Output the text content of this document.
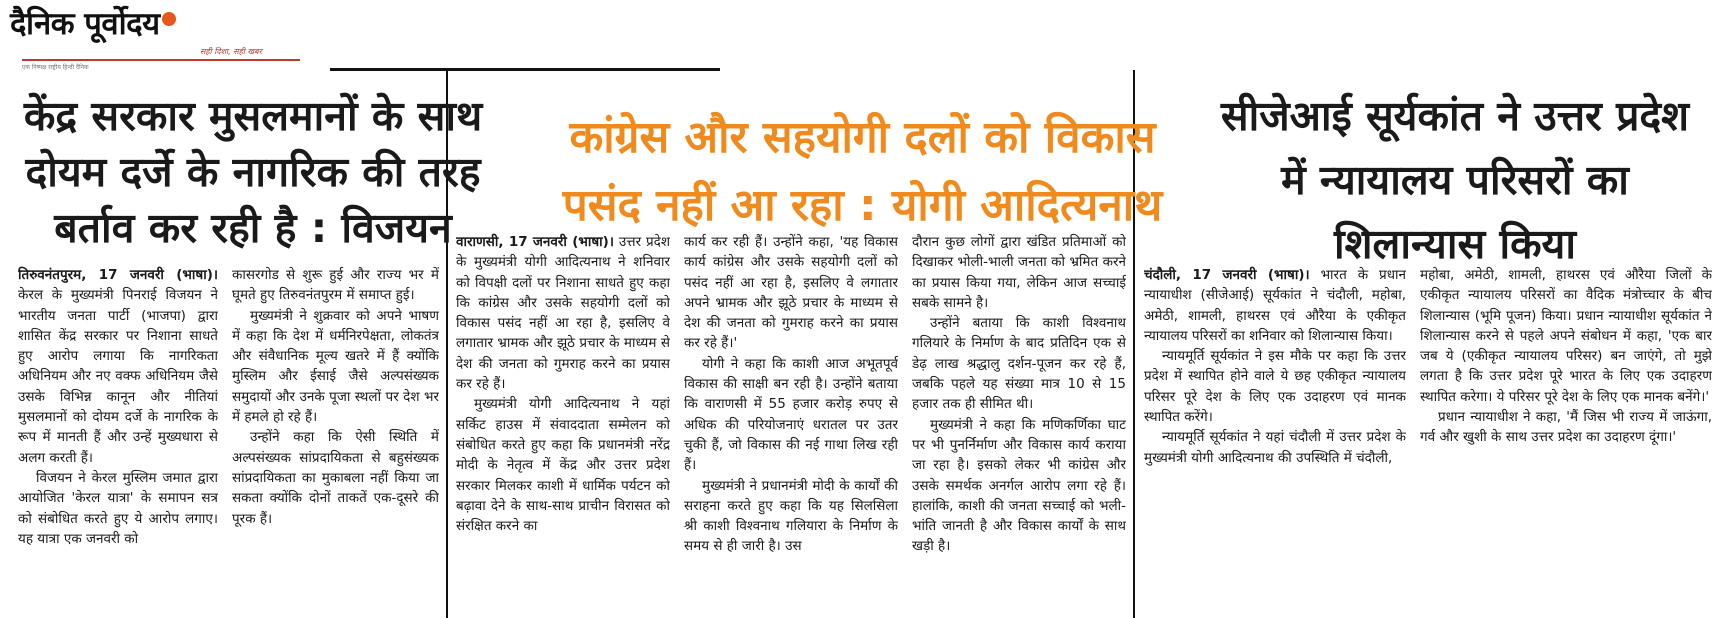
दैनिक पूर्वोदय
सही दिशा, सही खबर
एक निष्पक्ष राष्ट्रीय हिन्दी दैनिक
केंद्र सरकार मुसलमानों के साथ दोयम दर्जे के नागरिक की तरह बर्ताव कर रही है : विजयन

तिरुवनंतपुरम, 17 जनवरी (भाषा)। केरल के मुख्यमंत्री पिनराई विजयन ने भारतीय जनता पार्टी (भाजपा) द्वारा शासित केंद्र सरकार पर निशाना साधते हुए आरोप लगाया कि नागरिकता अधिनियम और नए वक्फ अधिनियम जैसे उसके विभिन्न कानून और नीतियां मुसलमानों को दोयम दर्जे के नागरिक के रूप में मानती हैं और उन्हें मुख्यधारा से अलग करती हैं।

विजयन ने केरल मुस्लिम जमात द्वारा आयोजित 'केरल यात्रा' के समापन सत्र को संबोधित करते हुए ये आरोप लगाए। यह यात्रा एक जनवरी को

कासरगोड से शुरू हुई और राज्य भर में घूमते हुए तिरुवनंतपुरम में समाप्त हुई।

मुख्यमंत्री ने शुक्रवार को अपने भाषण में कहा कि देश में धर्मनिरपेक्षता, लोकतंत्र और संवैधानिक मूल्य खतरे में हैं क्योंकि मुस्लिम और ईसाई जैसे अल्पसंख्यक समुदायों और उनके पूजा स्थलों पर देश भर में हमले हो रहे हैं।

उन्होंने कहा कि ऐसी स्थिति में अल्पसंख्यक सांप्रदायिकता से बहुसंख्यक सांप्रदायिकता का मुकाबला नहीं किया जा सकता क्योंकि दोनों ताकतें एक-दूसरे की पूरक हैं।

कांग्रेस और सहयोगी दलों को विकास पसंद नहीं आ रहा : योगी आदित्यनाथ

वाराणसी, 17 जनवरी (भाषा)। उत्तर प्रदेश के मुख्यमंत्री योगी आदित्यनाथ ने शनिवार को विपक्षी दलों पर निशाना साधते हुए कहा कि कांग्रेस और उसके सहयोगी दलों को विकास पसंद नहीं आ रहा है, इसलिए वे लगातार भ्रामक और झूठे प्रचार के माध्यम से देश की जनता को गुमराह करने का प्रयास कर रहे हैं।

मुख्यमंत्री योगी आदित्यनाथ ने यहां सर्किट हाउस में संवाददाता सम्मेलन को संबोधित करते हुए कहा कि प्रधानमंत्री नरेंद्र मोदी के नेतृत्व में केंद्र और उत्तर प्रदेश सरकार मिलकर काशी में धार्मिक पर्यटन को बढ़ावा देने के साथ-साथ प्राचीन विरासत को संरक्षित करने का

कार्य कर रही हैं। उन्होंने कहा, 'यह विकास कार्य कांग्रेस और उसके सहयोगी दलों को पसंद नहीं आ रहा है, इसलिए वे लगातार अपने भ्रामक और झूठे प्रचार के माध्यम से देश की जनता को गुमराह करने का प्रयास कर रहे हैं।'

योगी ने कहा कि काशी आज अभूतपूर्व विकास की साक्षी बन रही है। उन्होंने बताया कि वाराणसी में 55 हजार करोड़ रुपए से अधिक की परियोजनाएं धरातल पर उतर चुकी हैं, जो विकास की नई गाथा लिख रही हैं।

मुख्यमंत्री ने प्रधानमंत्री मोदी के कार्यों की सराहना करते हुए कहा कि यह सिलसिला श्री काशी विश्वनाथ गलियारा के निर्माण के समय से ही जारी है। उस

दौरान कुछ लोगों द्वारा खंडित प्रतिमाओं को दिखाकर भोली-भाली जनता को भ्रमित करने का प्रयास किया गया, लेकिन आज सच्चाई सबके सामने है।

उन्होंने बताया कि काशी विश्वनाथ गलियारे के निर्माण के बाद प्रतिदिन एक से डेढ़ लाख श्रद्धालु दर्शन-पूजन कर रहे हैं, जबकि पहले यह संख्या मात्र 10 से 15 हजार तक ही सीमित थी।

मुख्यमंत्री ने कहा कि मणिकर्णिका घाट पर भी पुनर्निर्माण और विकास कार्य कराया जा रहा है। इसको लेकर भी कांग्रेस और उसके समर्थक अनर्गल आरोप लगा रहे हैं। हालांकि, काशी की जनता सच्चाई को भली-भांति जानती है और विकास कार्यों के साथ खड़ी है।

सीजेआई सूर्यकांत ने उत्तर प्रदेश में न्यायालय परिसरों का शिलान्यास किया

चंदौली, 17 जनवरी (भाषा)। भारत के प्रधान न्यायाधीश (सीजेआई) सूर्यकांत ने चंदौली, महोबा, अमेठी, शामली, हाथरस एवं औरैया के एकीकृत न्यायालय परिसरों का शनिवार को शिलान्यास किया।

न्यायमूर्ति सूर्यकांत ने इस मौके पर कहा कि उत्तर प्रदेश में स्थापित होने वाले ये छह एकीकृत न्यायालय परिसर पूरे देश के लिए एक उदाहरण एवं मानक स्थापित करेंगे।

न्यायमूर्ति सूर्यकांत ने यहां चंदौली में उत्तर प्रदेश के मुख्यमंत्री योगी आदित्यनाथ की उपस्थिति में चंदौली,

महोबा, अमेठी, शामली, हाथरस एवं औरैया जिलों के एकीकृत न्यायालय परिसरों का वैदिक मंत्रोच्चार के बीच शिलान्यास (भूमि पूजन) किया। प्रधान न्यायाधीश सूर्यकांत ने शिलान्यास करने से पहले अपने संबोधन में कहा, 'एक बार जब ये (एकीकृत न्यायालय परिसर) बन जाएंगे, तो मुझे लगता है कि उत्तर प्रदेश पूरे भारत के लिए एक उदाहरण स्थापित करेगा। ये परिसर पूरे देश के लिए एक मानक बनेंगे।'

प्रधान न्यायाधीश ने कहा, 'मैं जिस भी राज्य में जाऊंगा, गर्व और खुशी के साथ उत्तर प्रदेश का उदाहरण दूंगा।'
